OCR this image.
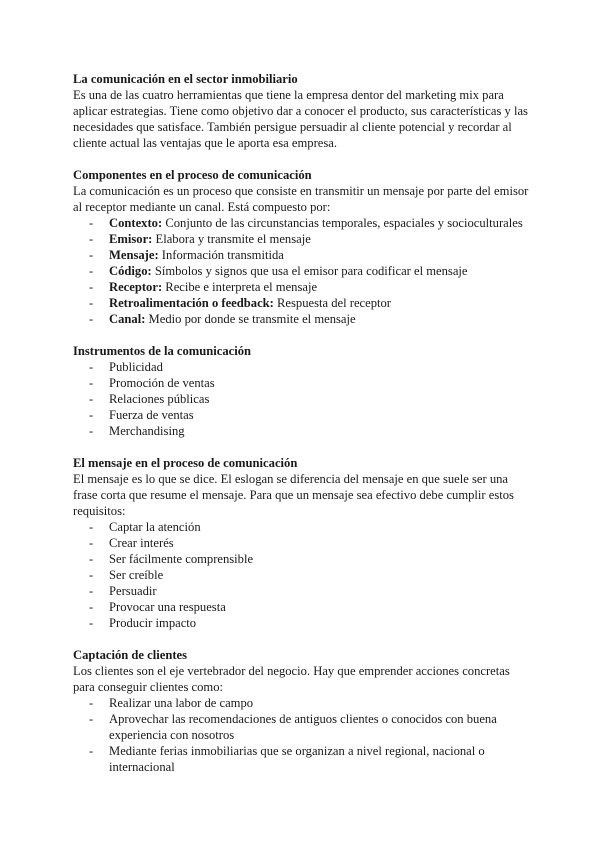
La comunicación en el sector inmobiliario

Es una de las cuatro herramientas que tiene la empresa dentor del marketing mix para aplicar estrategias. Tiene como objetivo dar a conocer el producto, sus características y las necesidades que satisface. También persigue persuadir al cliente potencial y recordar al cliente actual las ventajas que le aporta esa empresa.

Componentes en el proceso de comunicación

La comunicación es un proceso que consiste en transmitir un mensaje por parte del emisor al receptor mediante un canal. Está compuesto por:

- Contexto: Conjunto de las circunstancias temporales, espaciales y socioculturales
- Emisor: Elabora y transmite el mensaje
- Mensaje: Información transmitida
- Código: Símbolos y signos que usa el emisor para codificar el mensaje
- Receptor: Recibe e interpreta el mensaje
- Retroalimentación o feedback: Respuesta del receptor
- Canal: Medio por donde se transmite el mensaje
Instrumentos de la comunicación
- Publicidad
- Promoción de ventas
- Relaciones públicas
- Fuerza de ventas
- Merchandising
El mensaje en el proceso de comunicación

El mensaje es lo que se dice. El eslogan se diferencia del mensaje en que suele ser una frase corta que resume el mensaje. Para que un mensaje sea efectivo debe cumplir estos requisitos:

- Captar la atención
- Crear interés
- Ser fácilmente comprensible
- Ser creíble
- Persuadir
- Provocar una respuesta
- Producir impacto
Captación de clientes

Los clientes son el eje vertebrador del negocio. Hay que emprender acciones concretas para conseguir clientes como:

- Realizar una labor de campo
- Aprovechar las recomendaciones de antiguos clientes o conocidos con buena experiencia con nosotros
- Mediante ferias inmobiliarias que se organizan a nivel regional, nacional o internacional
